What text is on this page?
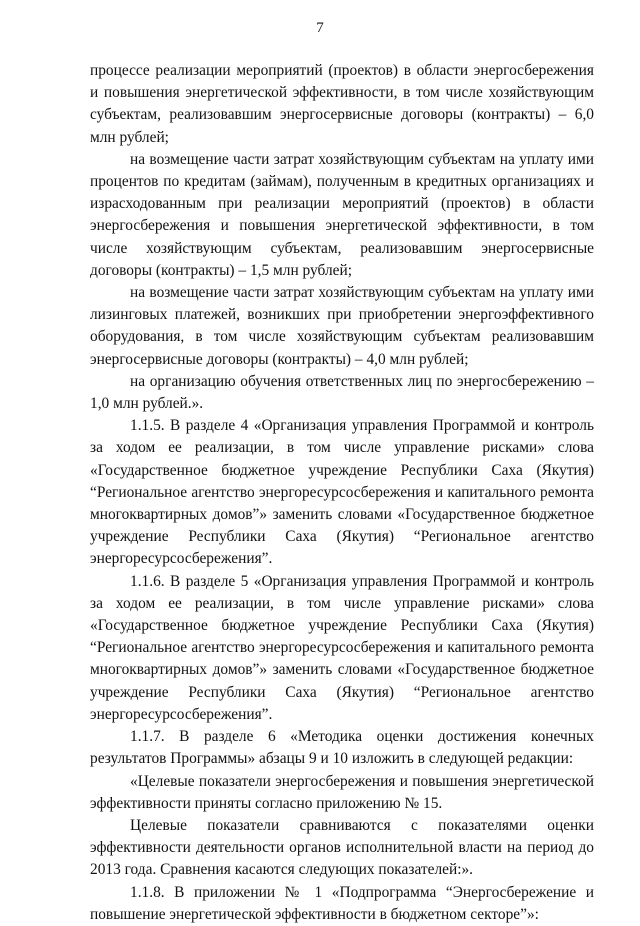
7

процессе реализации мероприятий (проектов) в области энергосбережения и повышения энергетической эффективности, в том числе хозяйствующим субъектам, реализовавшим энергосервисные договоры (контракты) – 6,0 млн рублей;

на возмещение части затрат хозяйствующим субъектам на уплату ими процентов по кредитам (займам), полученным в кредитных организациях и израсходованным при реализации мероприятий (проектов) в области энергосбережения и повышения энергетической эффективности, в том числе хозяйствующим субъектам, реализовавшим энергосервисные договоры (контракты) – 1,5 млн рублей;

на возмещение части затрат хозяйствующим субъектам на уплату ими лизинговых платежей, возникших при приобретении энергоэффективного оборудования, в том числе хозяйствующим субъектам реализовавшим энергосервисные договоры (контракты) – 4,0 млн рублей;

на организацию обучения ответственных лиц по энергосбережению – 1,0 млн рублей.».

1.1.5. В разделе 4 «Организация управления Программой и контроль за ходом ее реализации, в том числе управление рисками» слова «Государственное бюджетное учреждение Республики Саха (Якутия) “Региональное агентство энергоресурсосбережения и капитального ремонта многоквартирных домов”» заменить словами «Государственное бюджетное учреждение Республики Саха (Якутия) “Региональное агентство энергоресурсосбережения”.

1.1.6. В разделе 5 «Организация управления Программой и контроль за ходом ее реализации, в том числе управление рисками» слова «Государственное бюджетное учреждение Республики Саха (Якутия) “Региональное агентство энергоресурсосбережения и капитального ремонта многоквартирных домов”» заменить словами «Государственное бюджетное учреждение Республики Саха (Якутия) “Региональное агентство энергоресурсосбережения”.

1.1.7. В разделе 6 «Методика оценки достижения конечных результатов Программы» абзацы 9 и 10 изложить в следующей редакции:

«Целевые показатели энергосбережения и повышения энергетической эффективности приняты согласно приложению № 15.

Целевые показатели сравниваются с показателями оценки эффективности деятельности органов исполнительной власти на период до 2013 года. Сравнения касаются следующих показателей:».

1.1.8. В приложении № 1 «Подпрограмма “Энергосбережение и повышение энергетической эффективности в бюджетном секторе”»:
